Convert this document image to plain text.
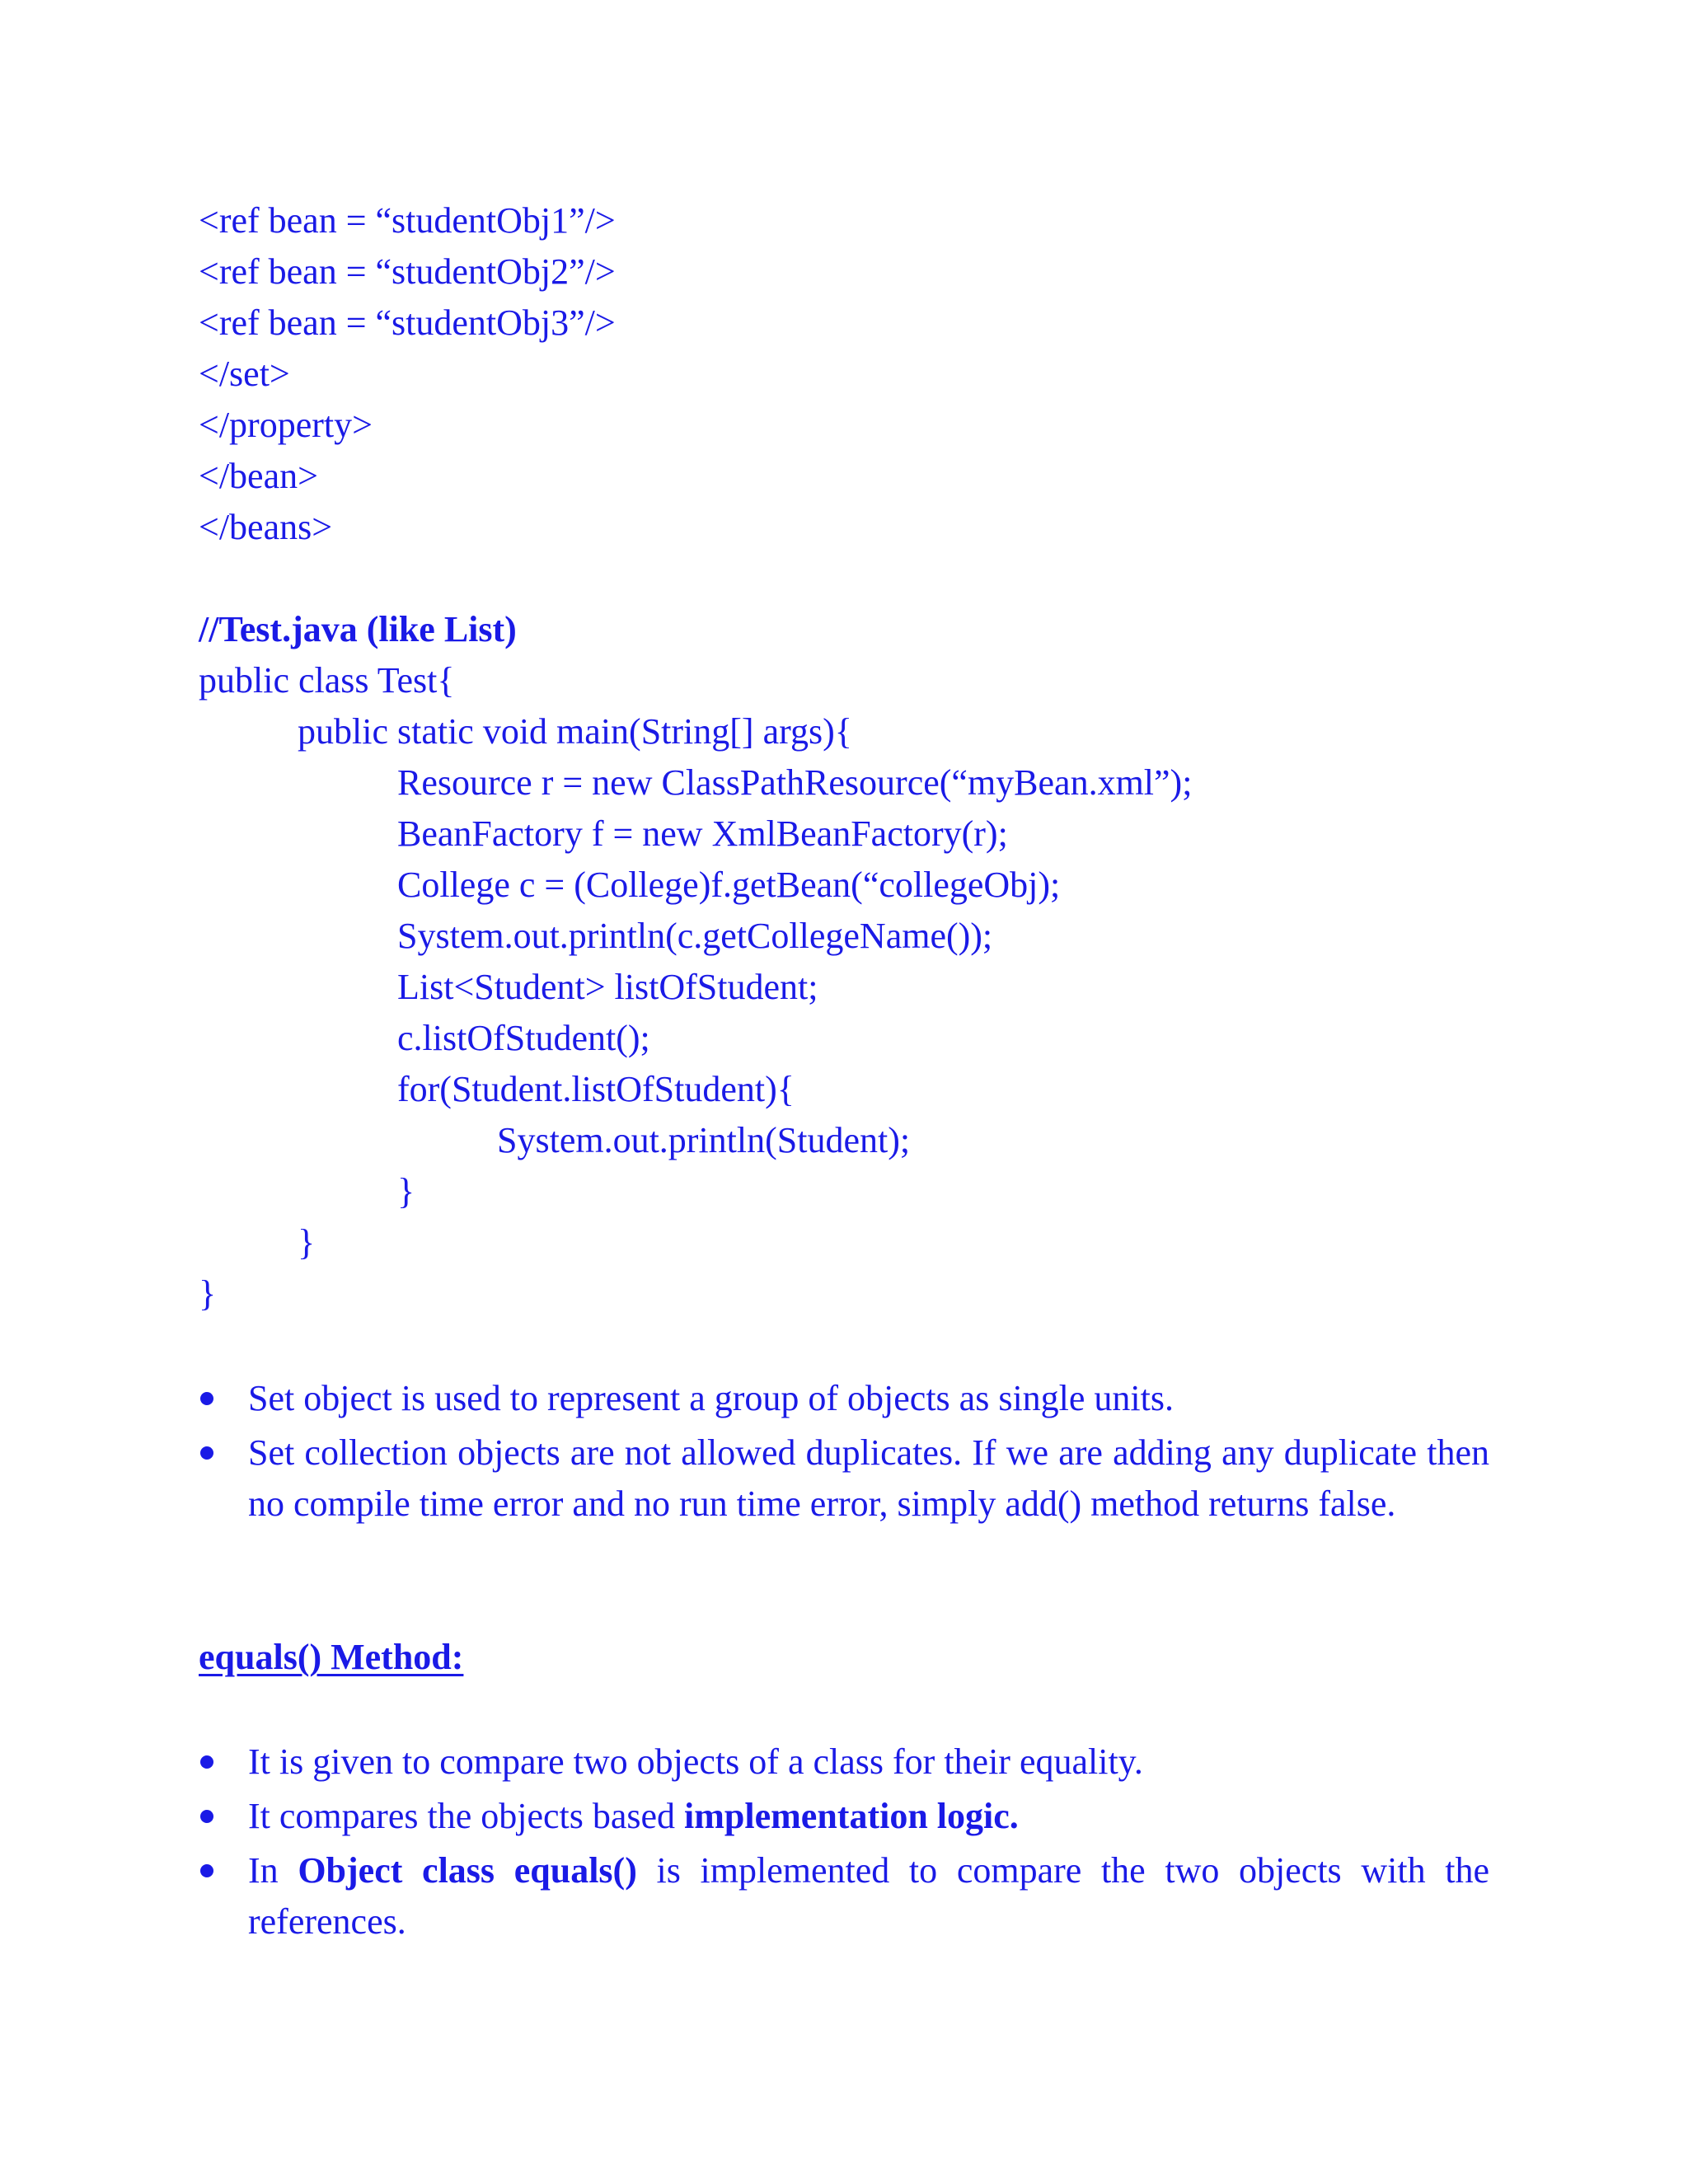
<ref bean = “studentObj1”/>
<ref bean = “studentObj2”/>
<ref bean = “studentObj3”/>
</set>
</property>
</bean>
</beans>
//Test.java (like List)
public class Test{
public static void main(String[] args){
Resource r = new ClassPathResource(“myBean.xml”);
BeanFactory f = new XmlBeanFactory(r);
College c = (College)f.getBean(“collegeObj);
System.out.println(c.getCollegeName());
List<Student> listOfStudent;
c.listOfStudent();
for(Student.listOfStudent){
System.out.println(Student);
}
}
}
Set object is used to represent a group of objects as single units.
Set collection objects are not allowed duplicates. If we are adding any duplicate then no compile time error and no run time error, simply add() method returns false.
equals() Method:
It is given to compare two objects of a class for their equality.
It compares the objects based implementation logic.
In Object class equals() is implemented to compare the two objects with the references.
